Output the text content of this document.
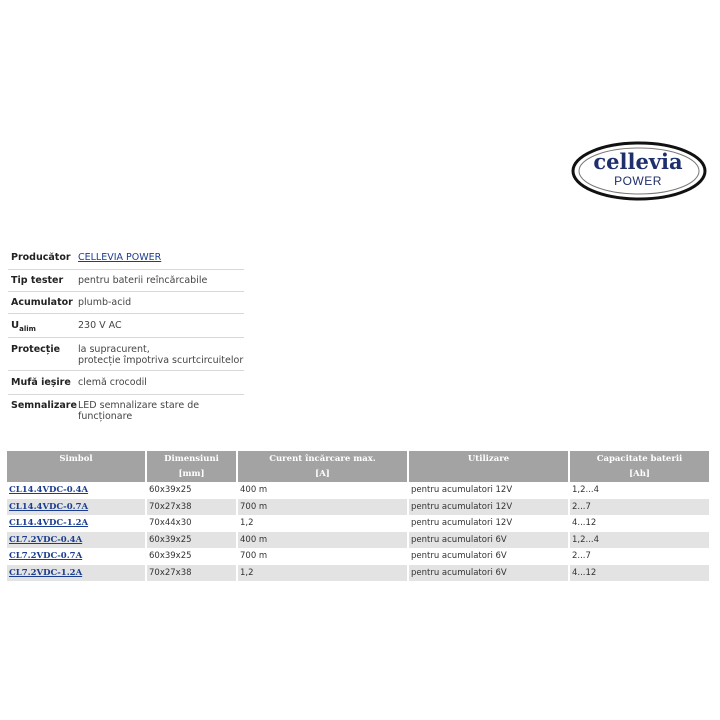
cellevia
POWER
Producător	CELLEVIA POWER
Tip tester	pentru baterii reîncărcabile
Acumulator	plumb-acid
$U_{alim}$	230 V AC
Protecție	la supracurent,
protecție împotriva scurtcircuitelor

Mufă ieșire	clemă crocodil
Semnalizare	LED semnalizare stare de funcționare
Simbol	Dimensiuni	Curent încărcare max.	Utilizare	Capacitate baterii
	[mm]	[A]		[Ah]
CL14.4VDC-0.4A	60x39x25	400 m	pentru acumulatori 12V	1,2...4
CL14.4VDC-0.7A	70x27x38	700 m	pentru acumulatori 12V	2...7
CL14.4VDC-1.2A	70x44x30	1,2	pentru acumulatori 12V	4...12
CL7.2VDC-0.4A	60x39x25	400 m	pentru acumulatori 6V	1,2...4
CL7.2VDC-0.7A	60x39x25	700 m	pentru acumulatori 6V	2...7
CL7.2VDC-1.2A	70x27x38	1,2	pentru acumulatori 6V	4...12
